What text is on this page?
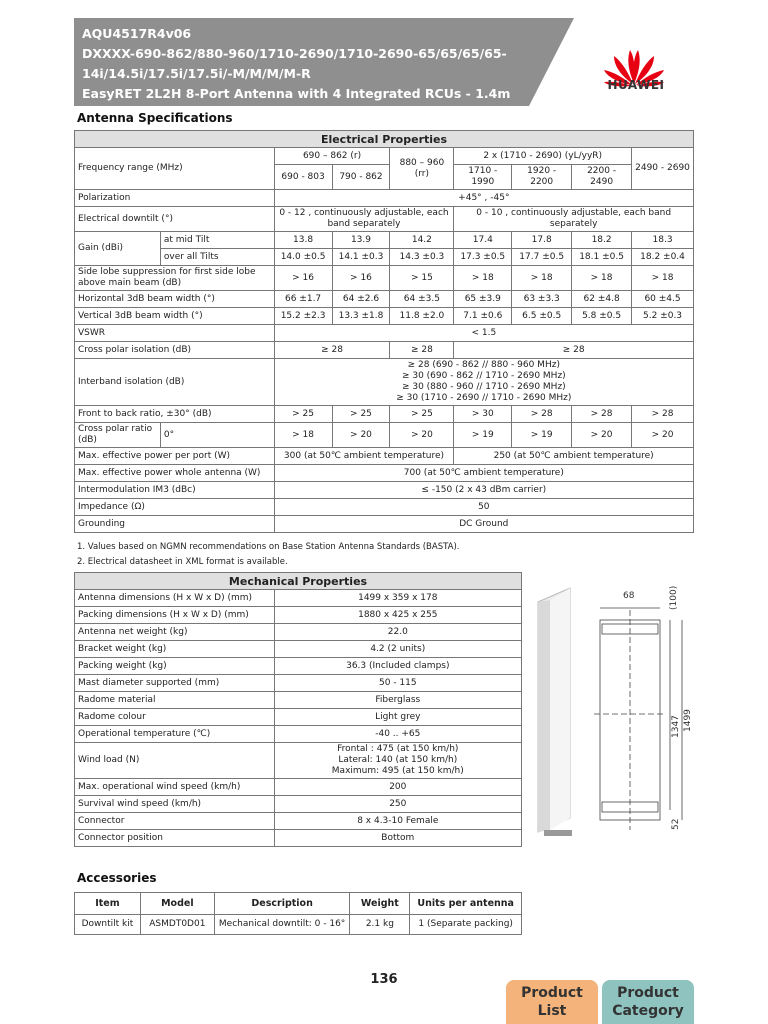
AQU4517R4v06
DXXXX-690-862/880-960/1710-2690/1710-2690-65/65/65/65-
14i/14.5i/17.5i/17.5i/-M/M/M/M-R
EasyRET 2L2H 8-Port Antenna with 4 Integrated RCUs - 1.4m
HUAWEI
Antenna Specifications
Electrical Properties								
Frequency range (MHz)		690 – 862 (r)		880 – 960 (rr)	2 x (1710 - 2690) (yL/yyR)			2490 - 2690
		690 - 803	790 - 862		1710 - 1990	1920 - 2200	2200 - 2490	
Polarization		+45° , -45°						
Electrical downtilt (°)		0 - 12 , continuously adjustable, each band separately			0 - 10 , continuously adjustable, each band separately			
Gain (dBi)	at mid Tilt	13.8	13.9	14.2	17.4	17.8	18.2	18.3
	over all Tilts	14.0 ±0.5	14.1 ±0.3	14.3 ±0.3	17.3 ±0.5	17.7 ±0.5	18.1 ±0.5	18.2 ±0.4
Side lobe suppression for first side lobe above main beam (dB)		> 16	> 16	> 15	> 18	> 18	> 18	> 18
Horizontal 3dB beam width (°)		66 ±1.7	64 ±2.6	64 ±3.5	65 ±3.9	63 ±3.3	62 ±4.8	60 ±4.5
Vertical 3dB beam width (°)		15.2 ±2.3	13.3 ±1.8	11.8 ±2.0	7.1 ±0.6	6.5 ±0.5	5.8 ±0.5	5.2 ±0.3
VSWR		< 1.5						
Cross polar isolation (dB)		≥ 28		≥ 28	≥ 28			
Interband isolation (dB)		≥ 28 (690 - 862 // 880 - 960 MHz)
≥ 30 (690 - 862 // 1710 - 2690 MHz)
≥ 30 (880 - 960 // 1710 - 2690 MHz)
≥ 30 (1710 - 2690 // 1710 - 2690 MHz)						

Front to back ratio, ±30° (dB)		> 25	> 25	> 25	> 30	> 28	> 28	> 28
Cross polar ratio (dB)	0°	> 18	> 20	> 20	> 19	> 19	> 20	> 20
Max. effective power per port (W)		300 (at 50℃ ambient temperature)			250 (at 50℃ ambient temperature)			
Max. effective power whole antenna (W)		700 (at 50℃ ambient temperature)						
Intermodulation IM3 (dBc)		≤ -150 (2 x 43 dBm carrier)						
Impedance (Ω)		50						
Grounding		DC Ground						
1. Values based on NGMN recommendations on Base Station Antenna Standards (BASTA).
2. Electrical datasheet in XML format is available.
Mechanical Properties	
Antenna dimensions (H x W x D) (mm)	1499 x 359 x 178
Packing dimensions (H x W x D) (mm)	1880 x 425 x 255
Antenna net weight (kg)	22.0
Bracket weight (kg)	4.2 (2 units)
Packing weight (kg)	36.3 (Included clamps)
Mast diameter supported (mm)	50 - 115
Radome material	Fiberglass
Radome colour	Light grey
Operational temperature (℃)	-40 .. +65
Wind load (N)	Frontal : 475 (at 150 km/h)
Lateral: 140 (at 150 km/h)
Maximum: 495 (at 150 km/h)

Max. operational wind speed (km/h)	200
Survival wind speed (km/h)	250
Connector	8 x 4.3-10 Female
Connector position	Bottom
68	(100)
1347 1499
52
Accessories
Item	Model	Description	Weight	Units per antenna
Downtilt kit	ASMDT0D01	Mechanical downtilt: 0 - 16°	2.1 kg	1 (Separate packing)
136
Product List
Product Category
